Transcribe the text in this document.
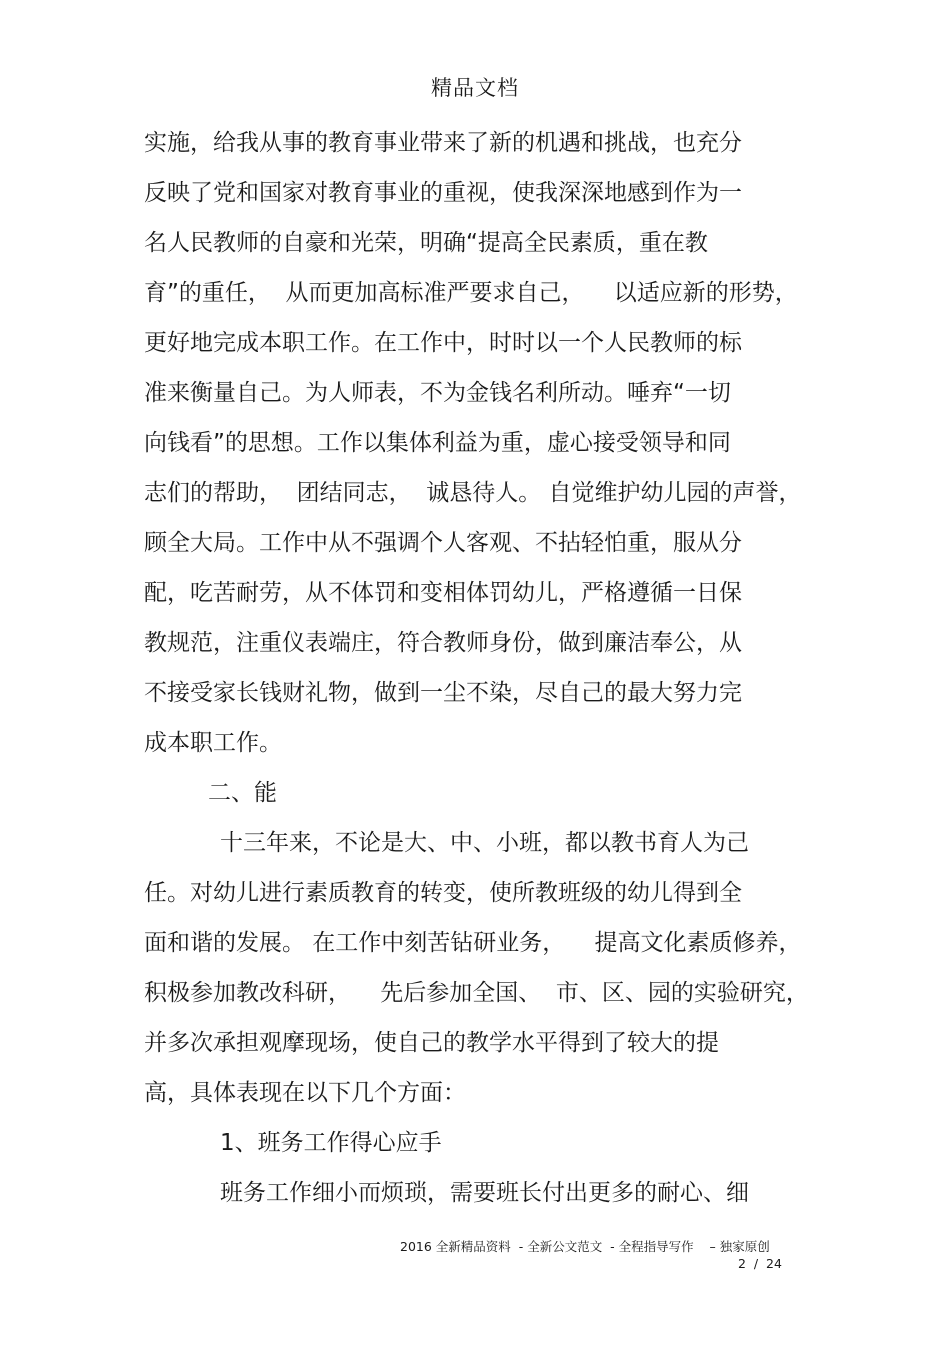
精品文档
实施，给我从事的教育事业带来了新的机遇和挑战，也充分
反映了党和国家对教育事业的重视，使我深深地感到作为一
名人民教师的自豪和光荣，明确“提高全民素质，重在教
育”的重任，  从而更加高标准严要求自己，    以适应新的形势，
更好地完成本职工作。在工作中，时时以一个人民教师的标
准来衡量自己。为人师表，不为金钱名利所动。唾弃“一切
向钱看”的思想。工作以集体利益为重，虚心接受领导和同
志们的帮助，  团结同志，  诚恳待人。 自觉维护幼儿园的声誉，
顾全大局。工作中从不强调个人客观、不拈轻怕重，服从分
配，吃苦耐劳，从不体罚和变相体罚幼儿，严格遵循一日保
教规范，注重仪表端庄，符合教师身份，做到廉洁奉公，从
不接受家长钱财礼物，做到一尘不染，尽自己的最大努力完
成本职工作。
二、能
十三年来，不论是大、中、小班，都以教书育人为己
任。对幼儿进行素质教育的转变，使所教班级的幼儿得到全
面和谐的发展。 在工作中刻苦钻研业务，    提高文化素质修养，
积极参加教改科研，    先后参加全国、  市、区、园的实验研究，
并多次承担观摩现场，使自己的教学水平得到了较大的提
高，具体表现在以下几个方面：
1、班务工作得心应手
班务工作细小而烦琐，需要班长付出更多的耐心、细
2016 全新精品资料  - 全新公文范文  - 全程指导写作    – 独家原创
2  /  24
